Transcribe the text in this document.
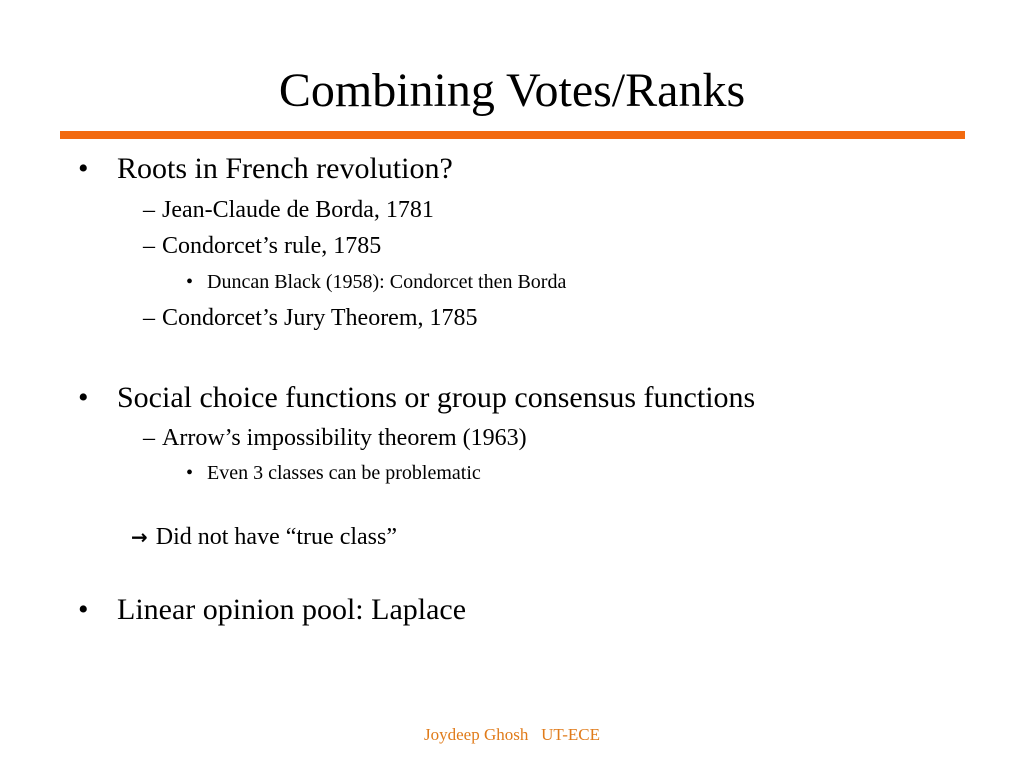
Combining Votes/Ranks
• Roots in French revolution?
– Jean-Claude de Borda, 1781
– Condorcet’s rule, 1785
• Duncan Black (1958): Condorcet then Borda
– Condorcet’s Jury Theorem, 1785
• Social choice functions or group consensus functions
– Arrow’s impossibility theorem (1963)
• Even 3 classes can be problematic
→ Did not have “true class”
• Linear opinion pool: Laplace
Joydeep Ghosh   UT-ECE
